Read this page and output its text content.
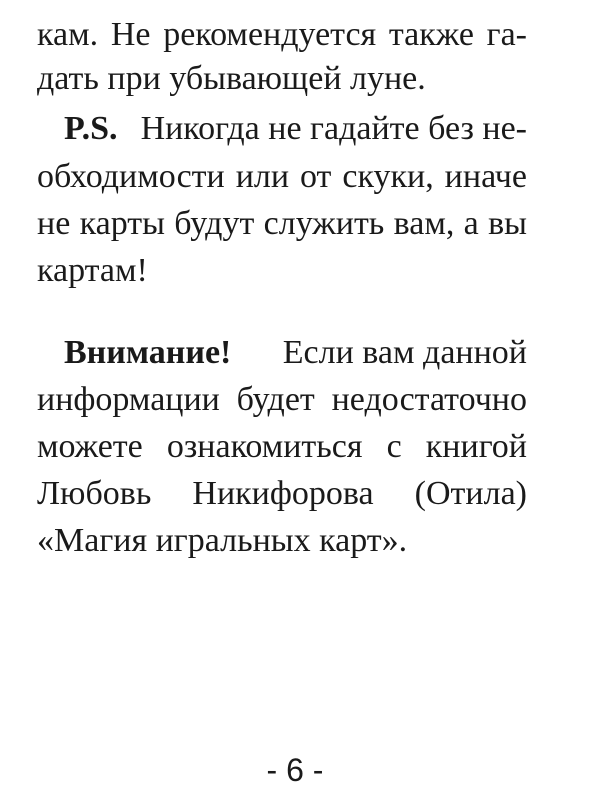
кам. Не рекомендуется также га-
дать при убывающей луне.
P.S. Никогда не гадайте без не-
обходимости или от скуки, иначе
не карты будут служить вам, а вы
картам!
Внимание! Если вам данной
информации будет недостаточно
можете ознакомиться с книгой
Любовь Никифорова (Отила)
«Магия игральных карт».
- 6 -
